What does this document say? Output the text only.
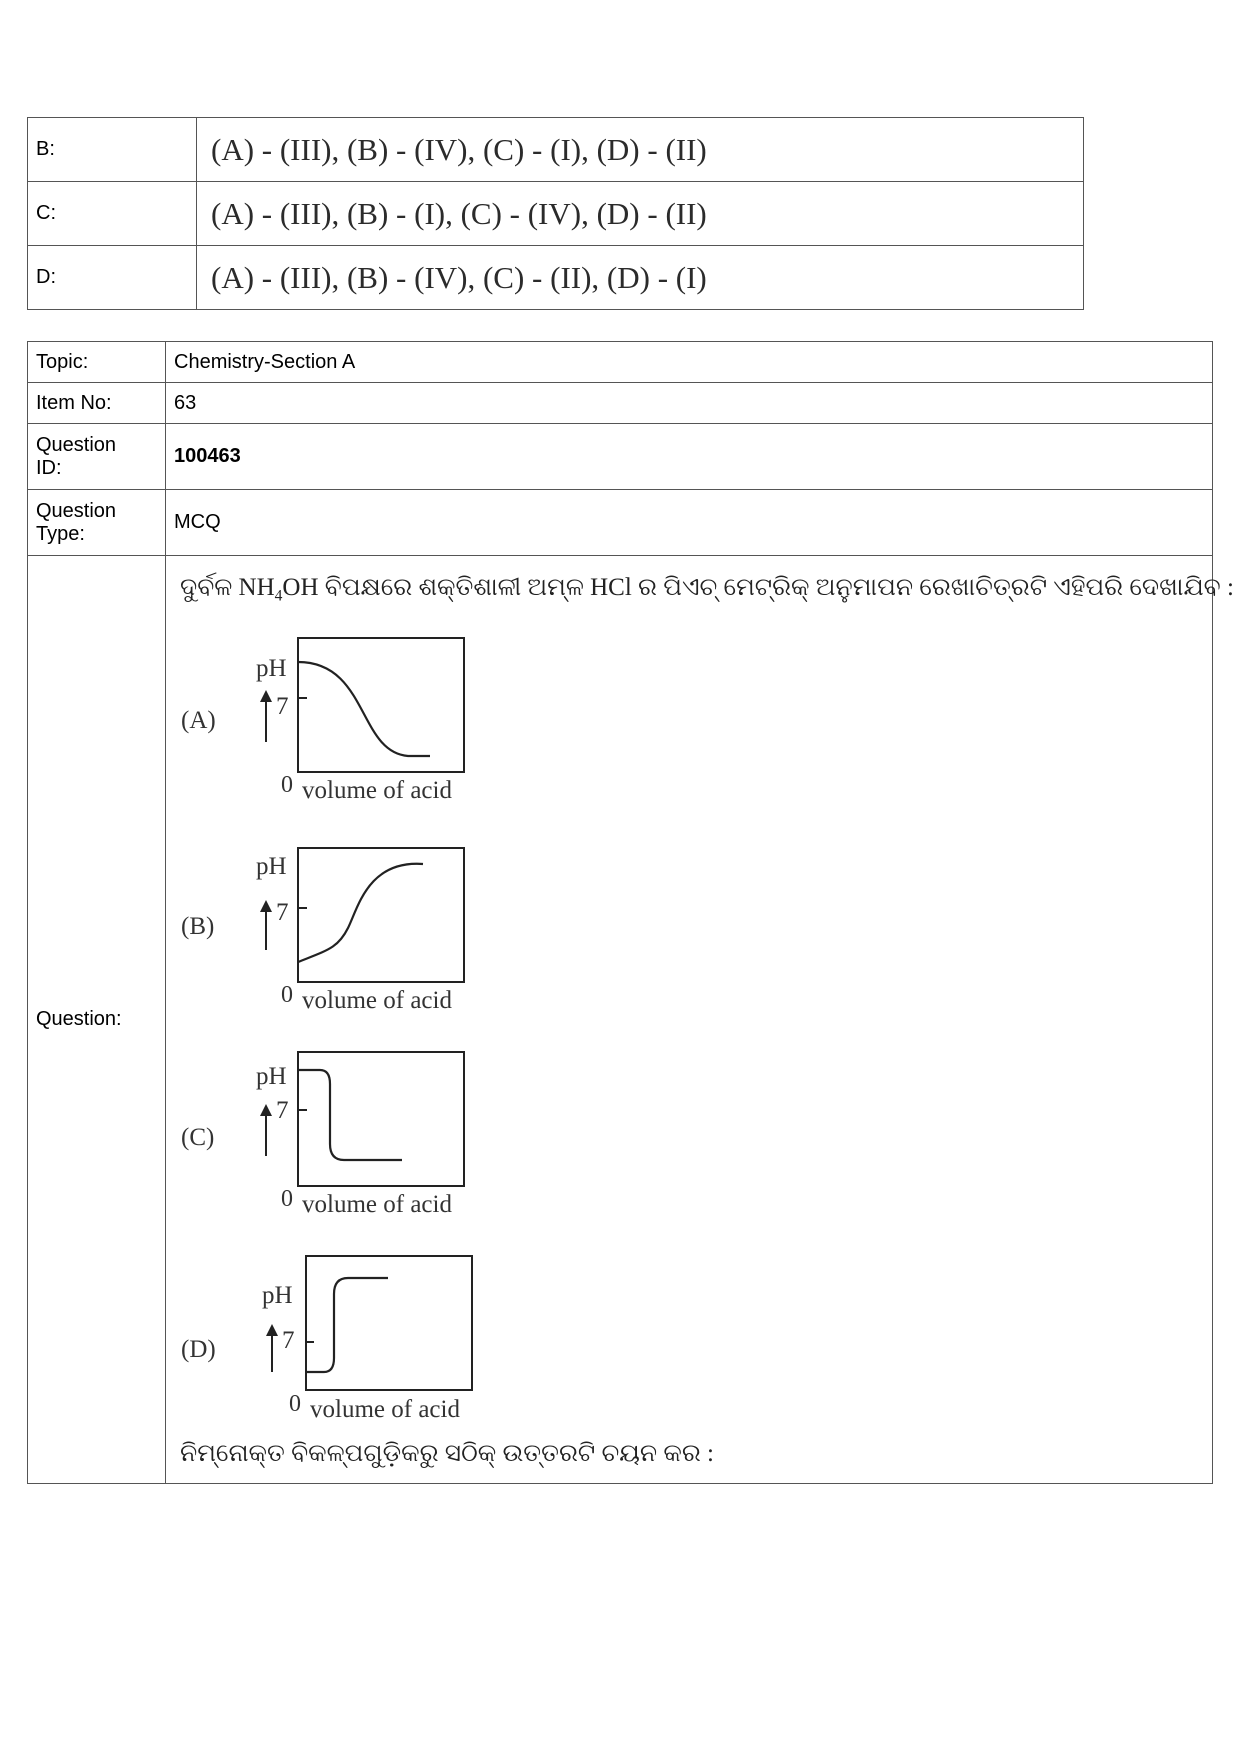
B:	(A) - (III), (B) - (IV), (C) - (I), (D) - (II)
C:	(A) - (III), (B) - (I), (C) - (IV), (D) - (II)
D:	(A) - (III), (B) - (IV), (C) - (II), (D) - (I)
Topic:	Chemistry-Section A
Item No:	63
Question
ID:	100463
Question
Type:	MCQ
Question:	
ଦୁର୍ବଳ $NH_4OH$ ବିପକ୍ଷରେ ଶକ୍ତିଶାଳୀ ଅମ୍ଳ HCl ର ପିଏଚ୍ ମେଟ୍ରିକ୍ ଅନୁମାପନ ରେଖାଚିତ୍ରଟି ଏହିପରି ଦେଖାଯିବ :
(A)
pH
7
0 volume of acid
(B)
pH
7
0 volume of acid
(C)
pH
7
0 volume of acid
(D)
pH
7
0 volume of acid
ନିମ୍ନୋକ୍ତ ବିକଳ୍ପଗୁଡ଼ିକରୁ ସଠିକ୍ ଉତ୍ତରଟି ଚୟନ କର :
